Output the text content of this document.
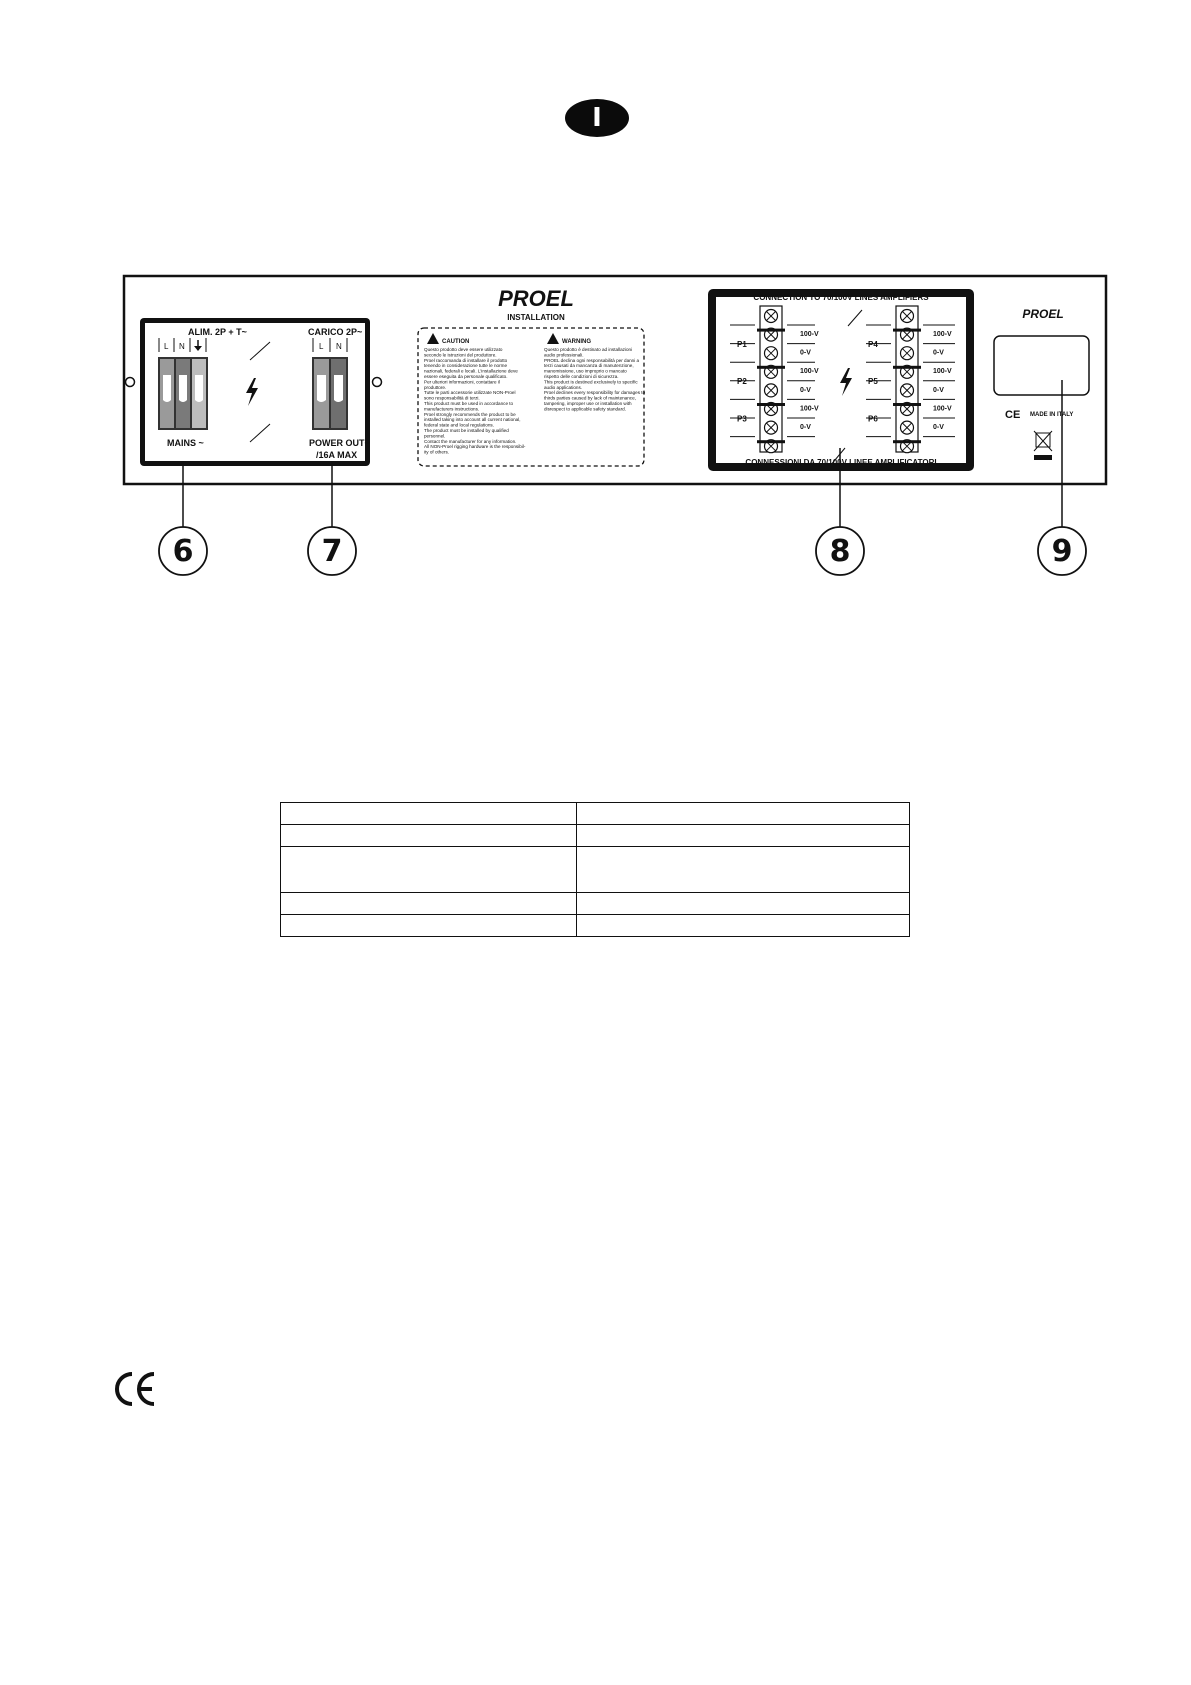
I
ALIM. 2P + T~
L N
MAINS ~
CARICO 2P~
L N
POWER OUT~
/16A MAX
PROEL
INSTALLATION
CAUTION	WARNING
Questo prodotto deve essere utilizzato
secondo le istruzioni del produttore.
Proel raccomanda di installare il prodotto
tenendo in considerazione tutte le norme
nazionali, federali e locali. L'installazione deve
essere eseguita da personale qualificato.
Per ulteriori informazioni, contattare il
produttore.
Tutte le parti accessorie utilizzate NON-Proel
sono responsabilità di terzi.
This product must be used in accordance to
manufacturers instructions.
Proel strongly recommends the product to be
installed taking into account all current national,
federal state and local regulations.
The product must be installed by qualified
personnel.
Contact the manufacturer for any information.
All NON-Proel rigging hardware is the responsibil-
ity of others.
Questo prodotto è destinato ad installazioni
audio professionali.
PROEL declina ogni responsabilità per danni a
terzi causati da mancanza di manutenzione,
manomissione, uso improprio o mancato
rispetto delle condizioni di sicurezza.
This product is destined exclusively to specific
audio applications.
Proel declines every responsibility for damages to
thirds parties caused by lack of maintenance,
tampering, improper use or installation with
disrespect to applicable safety standard.
CONNECTION TO 70/100V LINES AMPLIFIERS
CONNESSIONI DA 70/100V LINEE AMPLIFICATORI
100-V
0-V
100-V
0-V
100-V
0-V
100-V
0-V
100-V
0-V
100-V
0-V
P1
P2
P3
P4
P5
P6
PROEL
CE MADE IN ITALY
6	7	8	9
